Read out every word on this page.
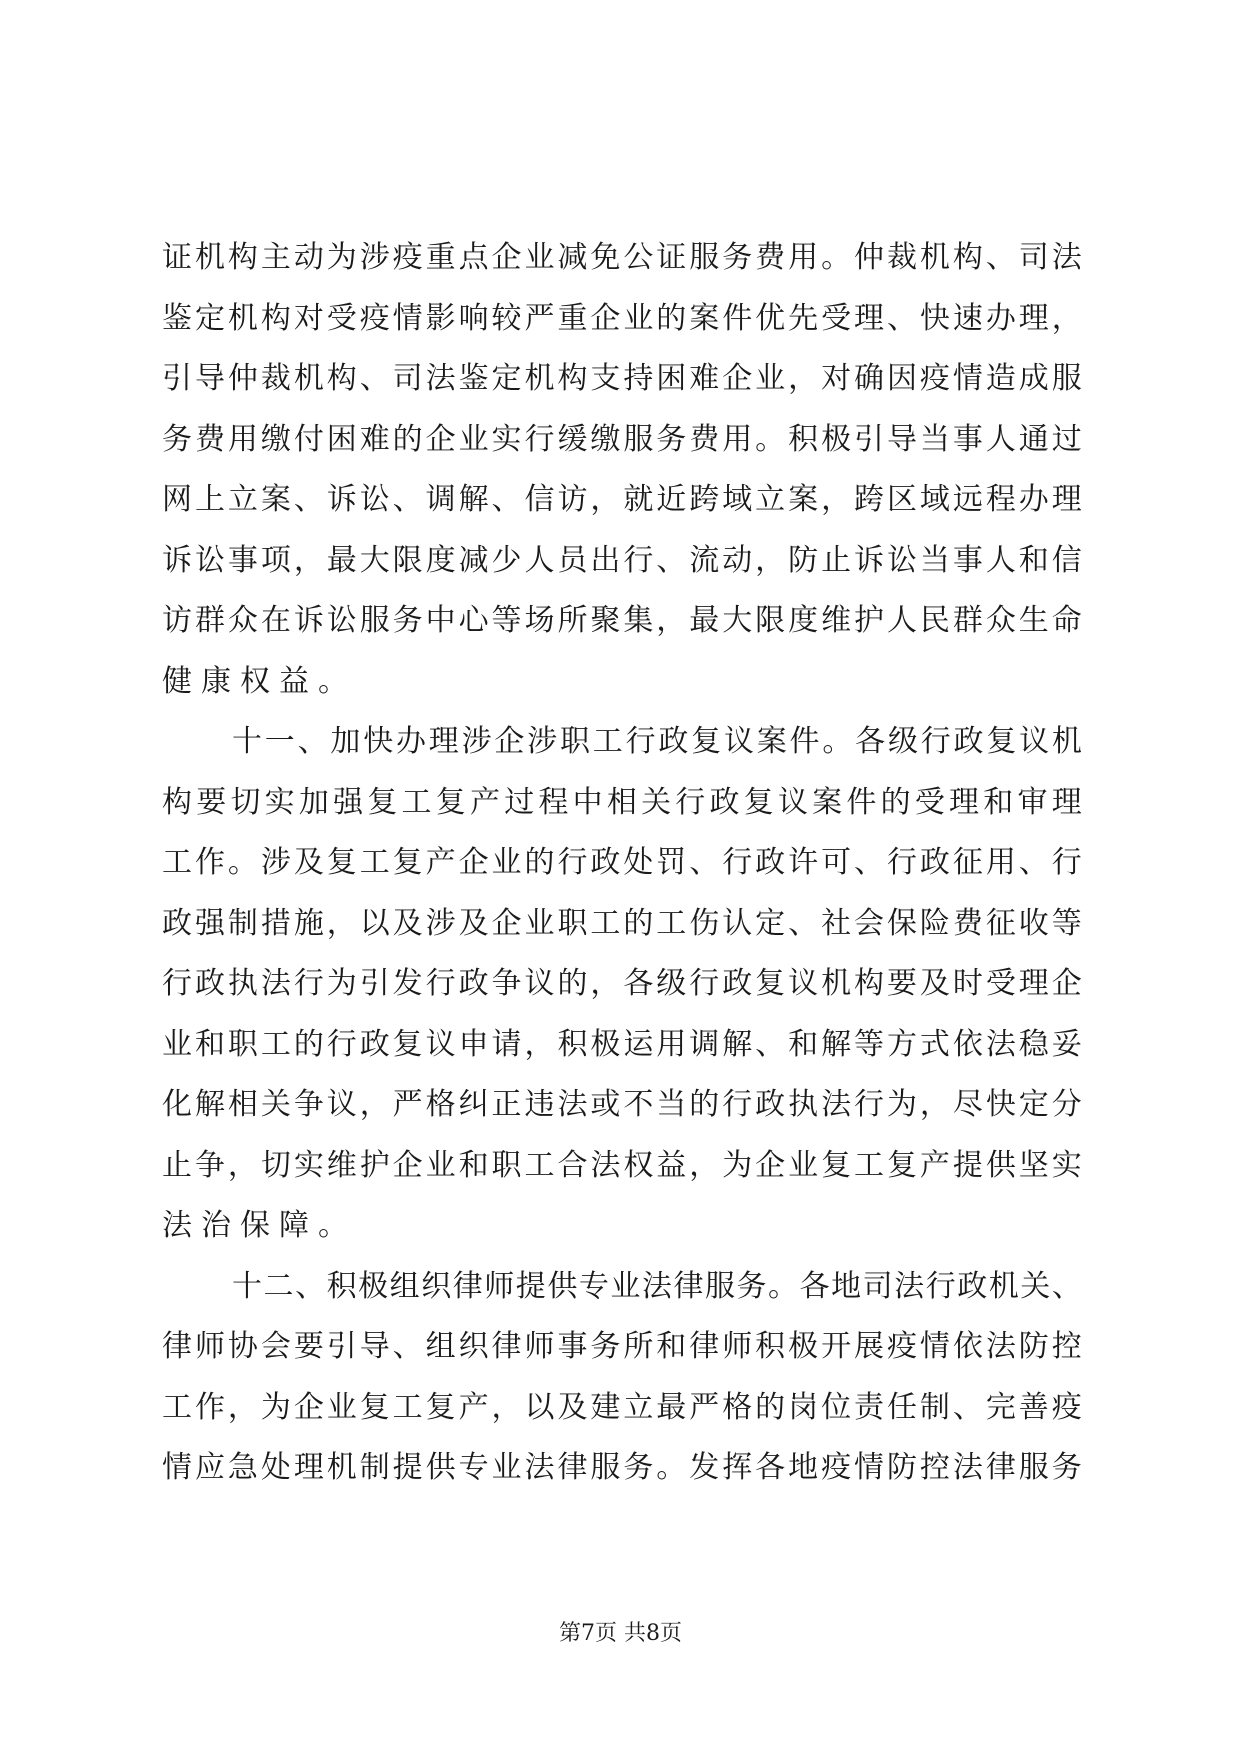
证 机 构 主 动 为 涉 疫 重 点 企 业 减 免 公 证 服 务 费 用 。 仲 裁 机 构 、 司 法
鉴 定 机 构 对 受 疫 情 影 响 较 严 重 企 业 的 案 件 优 先 受 理 、 快 速 办 理 ，
引 导 仲 裁 机 构 、 司 法 鉴 定 机 构 支 持 困 难 企 业 ， 对 确 因 疫 情 造 成 服
务 费 用 缴 付 困 难 的 企 业 实 行 缓 缴 服 务 费 用 。 积 极 引 导 当 事 人 通 过
网 上 立 案 、 诉 讼 、 调 解 、 信 访 ， 就 近 跨 域 立 案 ， 跨 区 域 远 程 办 理
诉 讼 事 项 ， 最 大 限 度 减 少 人 员 出 行 、 流 动 ， 防 止 诉 讼 当 事 人 和 信
访 群 众 在 诉 讼 服 务 中 心 等 场 所 聚 集 ， 最 大 限 度 维 护 人 民 群 众 生 命
健康权益。
十 一 、 加 快 办 理 涉 企 涉 职 工 行 政 复 议 案 件 。 各 级 行 政 复 议 机
构 要 切 实 加 强 复 工 复 产 过 程 中 相 关 行 政 复 议 案 件 的 受 理 和 审 理
工 作 。 涉 及 复 工 复 产 企 业 的 行 政 处 罚 、 行 政 许 可 、 行 政 征 用 、 行
政 强 制 措 施 ， 以 及 涉 及 企 业 职 工 的 工 伤 认 定 、 社 会 保 险 费 征 收 等
行 政 执 法 行 为 引 发 行 政 争 议 的 ， 各 级 行 政 复 议 机 构 要 及 时 受 理 企
业 和 职 工 的 行 政 复 议 申 请 ， 积 极 运 用 调 解 、 和 解 等 方 式 依 法 稳 妥
化 解 相 关 争 议 ， 严 格 纠 正 违 法 或 不 当 的 行 政 执 法 行 为 ， 尽 快 定 分
止 争 ， 切 实 维 护 企 业 和 职 工 合 法 权 益 ， 为 企 业 复 工 复 产 提 供 坚 实
法治保障。
十 二 、 积 极 组 织 律 师 提 供 专 业 法 律 服 务 。 各 地 司 法 行 政 机 关 、
律 师 协 会 要 引 导 、 组 织 律 师 事 务 所 和 律 师 积 极 开 展 疫 情 依 法 防 控
工 作 ， 为 企 业 复 工 复 产 ， 以 及 建 立 最 严 格 的 岗 位 责 任 制 、 完 善 疫
情 应 急 处 理 机 制 提 供 专 业 法 律 服 务 。 发 挥 各 地 疫 情 防 控 法 律 服 务
第7页 共8页
